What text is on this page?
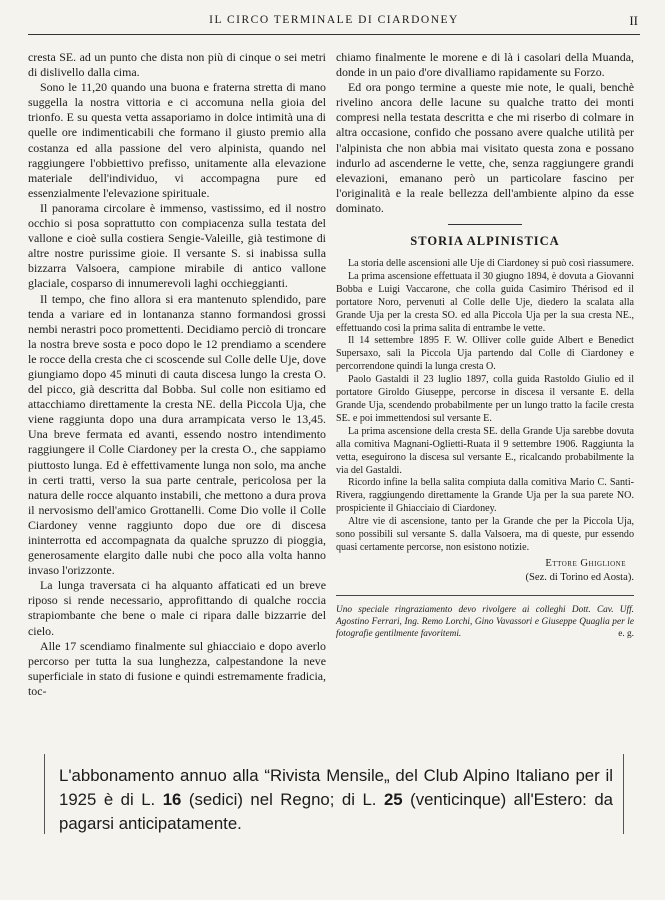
IL CIRCO TERMINALE DI CIARDONEY	II

cresta SE. ad un punto che dista non più di cinque o sei metri di dislivello dalla cima.

Sono le 11,20 quando una buona e fraterna stretta di mano suggella la nostra vittoria e ci accomuna nella gioia del trionfo. E su questa vetta assaporiamo in dolce intimità una di quelle ore indimenticabili che formano il giusto premio alla costanza ed alla passione del vero alpinista, quando nel raggiungere l'obbiettivo prefisso, unitamente alla elevazione materiale dell'individuo, vi accompagna pure ed essenzialmente l'elevazione spirituale.

Il panorama circolare è immenso, vastissimo, ed il nostro occhio si posa soprattutto con compiacenza sulla testata del vallone e cioè sulla costiera Sengie-Valeille, già testimone di altre nostre purissime gioie. Il versante S. si inabissa sulla bizzarra Valsoera, campione mirabile di antico vallone glaciale, cosparso di innumerevoli laghi occhieggianti.

Il tempo, che fino allora si era mantenuto splendido, pare tenda a variare ed in lontananza stanno formandosi grossi nembi nerastri poco promettenti. Decidiamo perciò di troncare la nostra breve sosta e poco dopo le 12 prendiamo a scendere le rocce della cresta che ci scoscende sul Colle delle Uje, dove giungiamo dopo 45 minuti di cauta discesa lungo la cresta O. del picco, già descritta dal Bobba. Sul colle non esitiamo ed attacchiamo direttamente la cresta NE. della Piccola Uja, che viene raggiunta dopo una dura arrampicata verso le 13,45. Una breve fermata ed avanti, essendo nostro intendimento raggiungere il Colle Ciardoney per la cresta O., che sappiamo piuttosto lunga. Ed è effettivamente lunga non solo, ma anche in certi tratti, verso la sua parte centrale, pericolosa per la natura delle rocce alquanto instabili, che mettono a dura prova il nervosismo dell'amico Grottanelli. Come Dio volle il Colle Ciardoney venne raggiunto dopo due ore di discesa ininterrotta ed accompagnata da qualche spruzzo di pioggia, generosamente elargito dalle nubi che poco alla volta hanno invaso l'orizzonte.

La lunga traversata ci ha alquanto affaticati ed un breve riposo si rende necessario, approfittando di qualche roccia strapiombante che bene o male ci ripara dalle bizzarrie del cielo.

Alle 17 scendiamo finalmente sul ghiacciaio e dopo averlo percorso per tutta la sua lunghezza, calpestandone la neve superficiale in stato di fusione e quindi estremamente fradicia, toc-

chiamo finalmente le morene e di là i casolari della Muanda, donde in un paio d'ore divalliamo rapidamente su Forzo.

Ed ora pongo termine a queste mie note, le quali, benchè rivelino ancora delle lacune su qualche tratto dei monti compresi nella testata descritta e che mi riserbo di colmare in altra occasione, confido che possano avere qualche utilità per l'alpinista che non abbia mai visitato questa zona e possano indurlo ad ascenderne le vette, che, senza raggiungere grandi elevazioni, emanano però un particolare fascino per l'originalità e la reale bellezza dell'ambiente alpino da esse dominato.

STORIA ALPINISTICA

La storia delle ascensioni alle Uje di Ciardoney si può così riassumere.

La prima ascensione effettuata il 30 giugno 1894, è dovuta a Giovanni Bobba e Luigi Vaccarone, che colla guida Casimiro Thérisod ed il portatore Noro, pervenuti al Colle delle Uje, diedero la scalata alla Grande Uja per la cresta SO. ed alla Piccola Uja per la sua cresta NE., effettuando così la prima salita di entrambe le vette.

Il 14 settembre 1895 F. W. Olliver colle guide Albert e Benedict Supersaxo, salì la Piccola Uja partendo dal Colle di Ciardoney e percorrendone quindi la lunga cresta O.

Paolo Gastaldi il 23 luglio 1897, colla guida Rastoldo Giulio ed il portatore Giroldo Giuseppe, percorse in discesa il versante E. della Grande Uja, scendendo probabilmente per un lungo tratto la facile cresta SE. e poi immettendosi sul versante E.

La prima ascensione della cresta SE. della Grande Uja sarebbe dovuta alla comitiva Magnani-Oglietti-Ruata il 9 settembre 1906. Raggiunta la vetta, eseguirono la discesa sul versante E., ricalcando probabilmente la via del Gastaldi.

Ricordo infine la bella salita compiuta dalla comitiva Mario C. Santi-Rivera, raggiungendo direttamente la Grande Uja per la sua parete NO. prospiciente il Ghiacciaio di Ciardoney.

Altre vie di ascensione, tanto per la Grande che per la Piccola Uja, sono possibili sul versante S. dalla Valsoera, ma di queste, pur essendo quasi certamente percorse, non esistono notizie.

Ettore Ghiglione
(Sez. di Torino ed Aosta).
Uno speciale ringraziamento devo rivolgere ai colleghi Dott. Cav. Uff. Agostino Ferrari, Ing. Remo Lorchi, Gino Vavassori e Giuseppe Quaglia per le fotografie gentilmente favoritemi.	e. g.
L'abbonamento annuo alla “Rivista Mensile„ del Club Alpino Italiano per il 1925 è di L. 16 (sedici) nel Regno; di L. 25 (venticinque) all'Estero: da pagarsi anticipatamente.
